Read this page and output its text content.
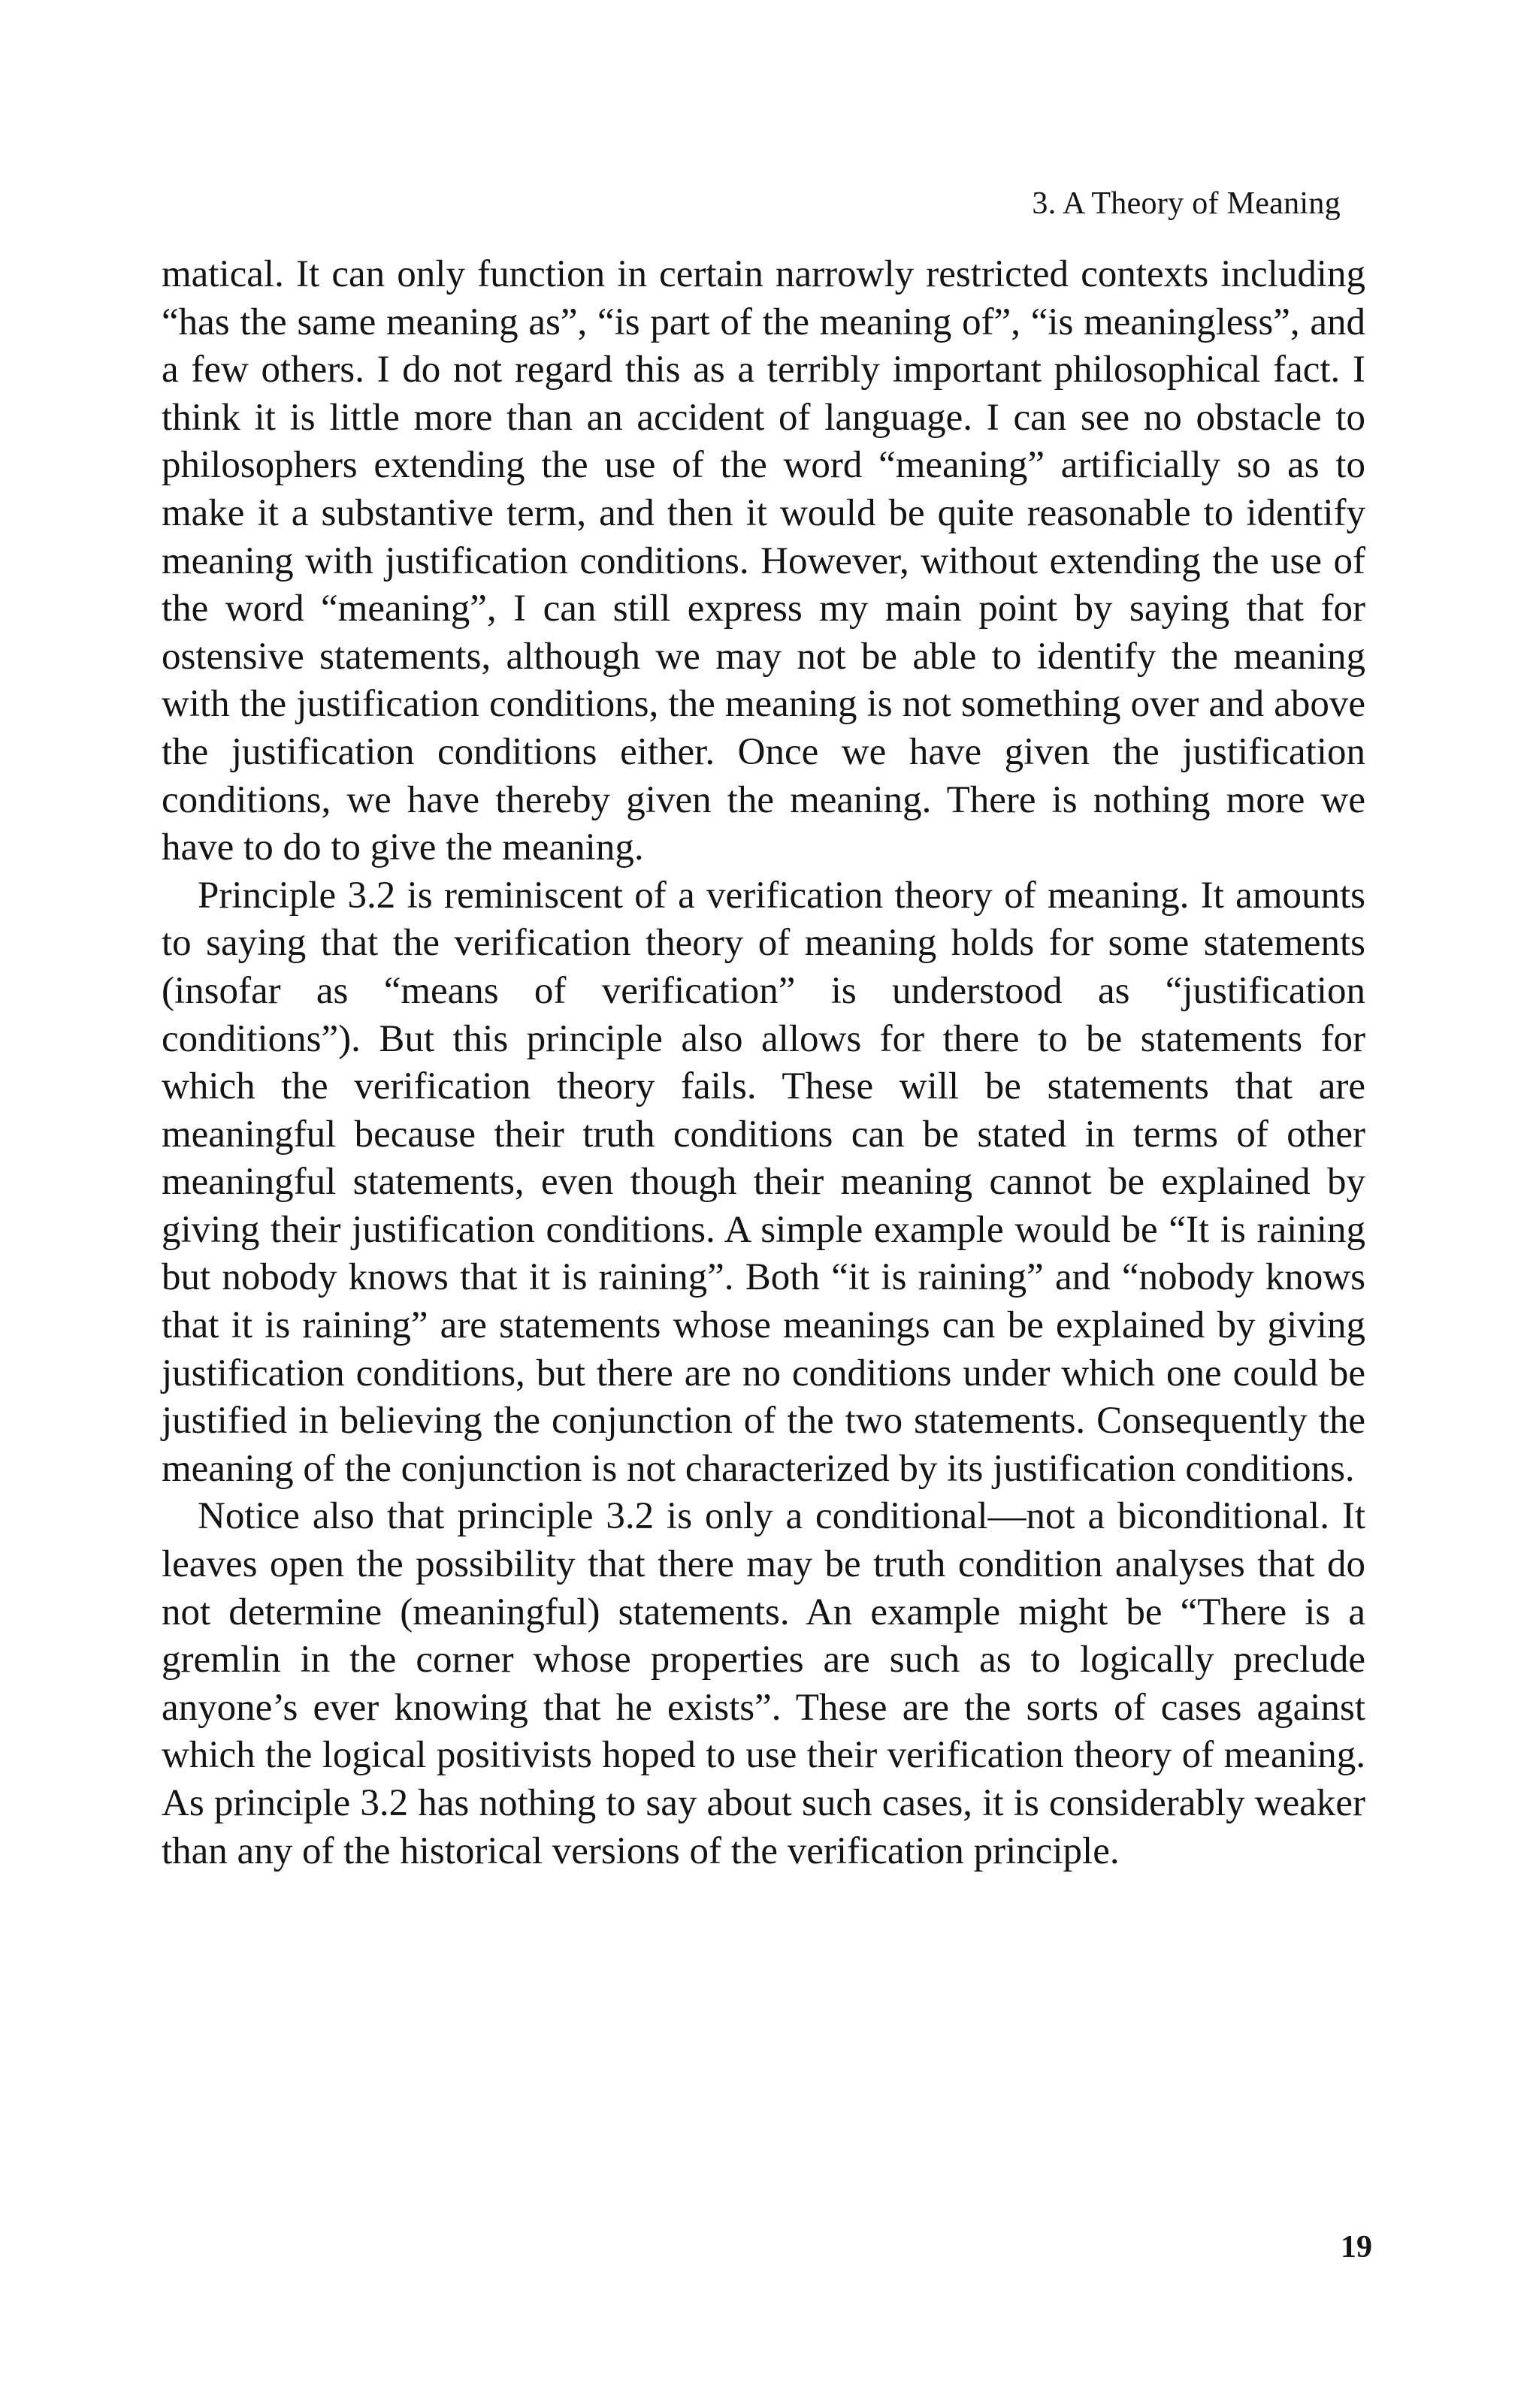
3. A Theory of Meaning

matical. It can only function in certain narrowly restricted contexts including “has the same meaning as”, “is part of the meaning of”, “is meaningless”, and a few others. I do not regard this as a terribly important philosophical fact. I think it is little more than an accident of language. I can see no obstacle to philosophers extending the use of the word “meaning” artificially so as to make it a substantive term, and then it would be quite reasonable to identify meaning with justification conditions. However, without extending the use of the word “meaning”, I can still express my main point by saying that for ostensive statements, although we may not be able to identify the meaning with the justification conditions, the meaning is not something over and above the justification conditions either. Once we have given the justification conditions, we have thereby given the meaning. There is nothing more we have to do to give the meaning.

Principle 3.2 is reminiscent of a verification theory of meaning. It amounts to saying that the verification theory of meaning holds for some statements (insofar as “means of verification” is understood as “justification conditions”). But this principle also allows for there to be statements for which the verification theory fails. These will be statements that are meaningful because their truth conditions can be stated in terms of other meaningful statements, even though their meaning cannot be explained by giving their justification conditions. A simple example would be “It is raining but nobody knows that it is raining”. Both “it is raining” and “nobody knows that it is raining” are statements whose meanings can be explained by giving justification conditions, but there are no conditions under which one could be justified in believing the conjunction of the two statements. Consequently the meaning of the conjunction is not characterized by its justification conditions.

Notice also that principle 3.2 is only a conditional—not a biconditional. It leaves open the possibility that there may be truth condition analyses that do not determine (meaningful) statements. An example might be “There is a gremlin in the corner whose properties are such as to logically preclude anyone’s ever knowing that he exists”. These are the sorts of cases against which the logical positivists hoped to use their verification theory of meaning. As principle 3.2 has nothing to say about such cases, it is considerably weaker than any of the historical versions of the verification principle.

19
